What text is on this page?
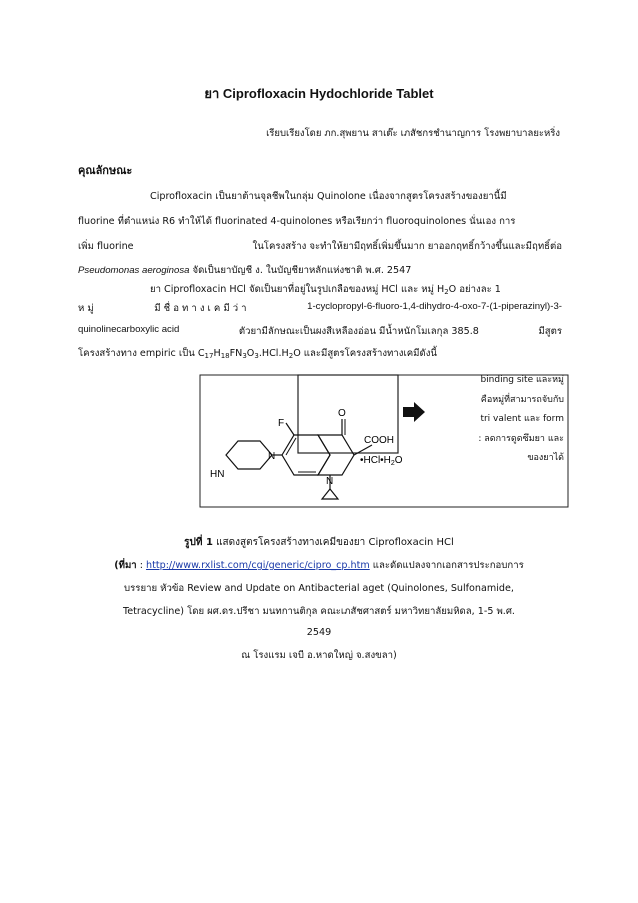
ยา Ciprofloxacin Hydochloride Tablet
เรียบเรียงโดย ภก.สุพยาน สาเต๊ะ เภสัชกรชำนาญการ โรงพยาบาลยะหริ่ง
คุณลักษณะ
Ciprofloxacin เป็นยาต้านจุลชีพในกลุ่ม Quinolone เนื่องจากสูตรโครงสร้างของยานี้มี
fluorine ที่ตำแหน่ง R6 ทำให้ได้ fluorinated 4-quinolones หรือเรียกว่า fluoroquinolones นั่นเอง การ
เพิ่ม fluorine	ในโครงสร้าง จะทำให้ยามีฤทธิ์เพิ่มขึ้นมาก ยาออกฤทธิ์กว้างขึ้นและมีฤทธิ์ต่อ
Pseudomonas aeroginosa จัดเป็นยาบัญชี ง. ในบัญชียาหลักแห่งชาติ พ.ศ. 2547
ยา Ciprofloxacin HCl จัดเป็นยาที่อยู่ในรูปเกลือของหมู่ HCl และ หมู่ $H_2O$ อย่างละ 1
ห มู่	มี ชื่ อ ท า ง เ ค มี ว่ า	1-cyclopropyl-6-fluoro-1,4-dihydro-4-oxo-7-(1-piperazinyl)-3-
quinolinecarboxylic acid	ตัวยามีลักษณะเป็นผงสีเหลืองอ่อน มีน้ำหนักโมเลกุล 385.8	มีสูตร
โครงสร้างทาง empiric เป็น $C_{17}H_{18}FN_3O_3.HCl.H_2O$ และมีสูตรโครงสร้างทางเคมีดังนี้
O
F
COOH
$•HCl•H_2O$
HN
N
N
binding site และหมู่
คือหมู่ที่สามารถจับกับ
tri valent และ form
: ลดการดูดซึมยา และ
ของยาได้
รูปที่ 1 แสดงสูตรโครงสร้างทางเคมีของยา Ciprofloxacin HCl
(ที่มา : http://www.rxlist.com/cgi/generic/cipro_cp.htm และดัดแปลงจากเอกสารประกอบการ
บรรยาย หัวข้อ Review and Update on Antibacterial aget (Quinolones, Sulfonamide,
Tetracycline) โดย ผศ.ดร.ปรีชา มนทกานติกุล คณะเภสัชศาสตร์ มหาวิทยาลัยมหิดล, 1-5 พ.ศ.
2549
ณ โรงแรม เจบี อ.หาดใหญ่ จ.สงขลา)
